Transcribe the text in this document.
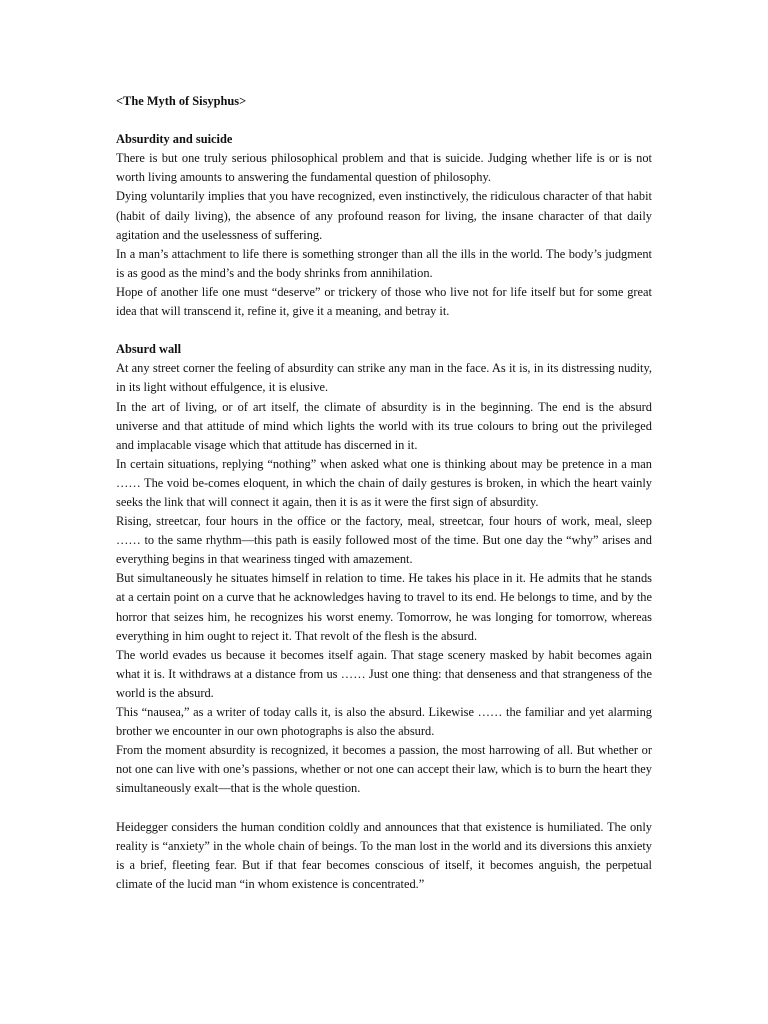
<The Myth of Sisyphus>

Absurdity and suicide

There is but one truly serious philosophical problem and that is suicide. Judging whether life is or is not worth living amounts to answering the fundamental question of philosophy.

Dying voluntarily implies that you have recognized, even instinctively, the ridiculous character of that habit (habit of daily living), the absence of any profound reason for living, the insane character of that daily agitation and the uselessness of suffering.

In a man’s attachment to life there is something stronger than all the ills in the world. The body’s judgment is as good as the mind’s and the body shrinks from annihilation.

Hope of another life one must “deserve” or trickery of those who live not for life itself but for some great idea that will transcend it, refine it, give it a meaning, and betray it.

Absurd wall

At any street corner the feeling of absurdity can strike any man in the face. As it is, in its distressing nudity, in its light without effulgence, it is elusive.

In the art of living, or of art itself, the climate of absurdity is in the beginning. The end is the absurd universe and that attitude of mind which lights the world with its true colours to bring out the privileged and implacable visage which that attitude has discerned in it.

In certain situations, replying “nothing” when asked what one is thinking about may be pretence in a man …… The void be-comes eloquent, in which the chain of daily gestures is broken, in which the heart vainly seeks the link that will connect it again, then it is as it were the first sign of absurdity.

Rising, streetcar, four hours in the office or the factory, meal, streetcar, four hours of work, meal, sleep …… to the same rhythm—this path is easily followed most of the time. But one day the “why” arises and everything begins in that weariness tinged with amazement.

But simultaneously he situates himself in relation to time. He takes his place in it. He admits that he stands at a certain point on a curve that he acknowledges having to travel to its end. He belongs to time, and by the horror that seizes him, he recognizes his worst enemy. Tomorrow, he was longing for tomorrow, whereas everything in him ought to reject it. That revolt of the flesh is the absurd.

The world evades us because it becomes itself again. That stage scenery masked by habit becomes again what it is. It withdraws at a distance from us …… Just one thing: that denseness and that strangeness of the world is the absurd.

This “nausea,” as a writer of today calls it, is also the absurd. Likewise …… the familiar and yet alarming brother we encounter in our own photographs is also the absurd.

From the moment absurdity is recognized, it becomes a passion, the most harrowing of all. But whether or not one can live with one’s passions, whether or not one can accept their law, which is to burn the heart they simultaneously exalt—that is the whole question.

Heidegger considers the human condition coldly and announces that that existence is humiliated. The only reality is “anxiety” in the whole chain of beings. To the man lost in the world and its diversions this anxiety is a brief, fleeting fear. But if that fear becomes conscious of itself, it becomes anguish, the perpetual climate of the lucid man “in whom existence is concentrated.”
